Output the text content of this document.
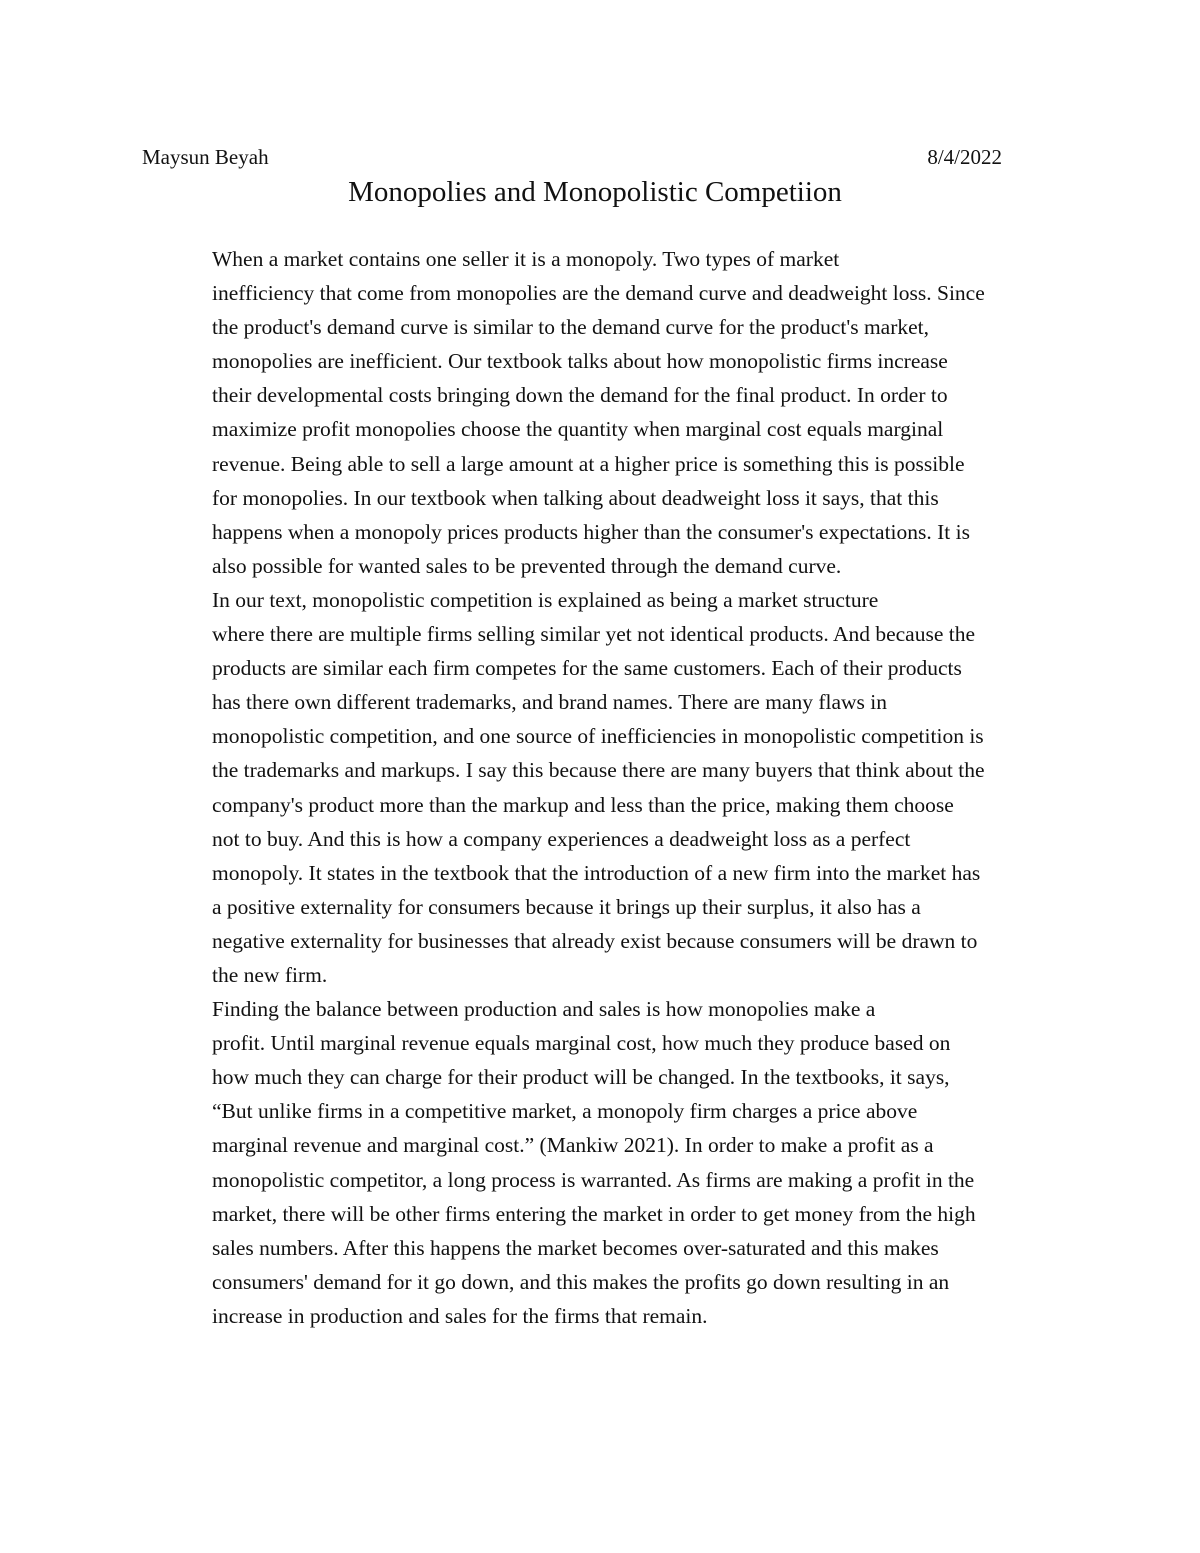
Maysun Beyah	8/4/2022
Monopolies and Monopolistic Competiion

When a market contains one seller it is a monopoly. Two types of market
inefficiency that come from monopolies are the demand curve and deadweight loss. Since
the product's demand curve is similar to the demand curve for the product's market,
monopolies are inefficient. Our textbook talks about how monopolistic firms increase
their developmental costs bringing down the demand for the final product. In order to
maximize profit monopolies choose the quantity when marginal cost equals marginal
revenue. Being able to sell a large amount at a higher price is something this is possible
for monopolies. In our textbook when talking about deadweight loss it says, that this
happens when a monopoly prices products higher than the consumer's expectations. It is
also possible for wanted sales to be prevented through the demand curve.

In our text, monopolistic competition is explained as being a market structure
where there are multiple firms selling similar yet not identical products. And because the
products are similar each firm competes for the same customers. Each of their products
has there own different trademarks, and brand names. There are many flaws in
monopolistic competition, and one source of inefficiencies in monopolistic competition is
the trademarks and markups. I say this because there are many buyers that think about the
company's product more than the markup and less than the price, making them choose
not to buy. And this is how a company experiences a deadweight loss as a perfect
monopoly. It states in the textbook that the introduction of a new firm into the market has
a positive externality for consumers because it brings up their surplus, it also has a
negative externality for businesses that already exist because consumers will be drawn to
the new firm.

Finding the balance between production and sales is how monopolies make a
profit. Until marginal revenue equals marginal cost, how much they produce based on
how much they can charge for their product will be changed. In the textbooks, it says,
“But unlike firms in a competitive market, a monopoly firm charges a price above
marginal revenue and marginal cost.” (Mankiw 2021). In order to make a profit as a
monopolistic competitor, a long process is warranted. As firms are making a profit in the
market, there will be other firms entering the market in order to get money from the high
sales numbers. After this happens the market becomes over-saturated and this makes
consumers' demand for it go down, and this makes the profits go down resulting in an
increase in production and sales for the firms that remain.
